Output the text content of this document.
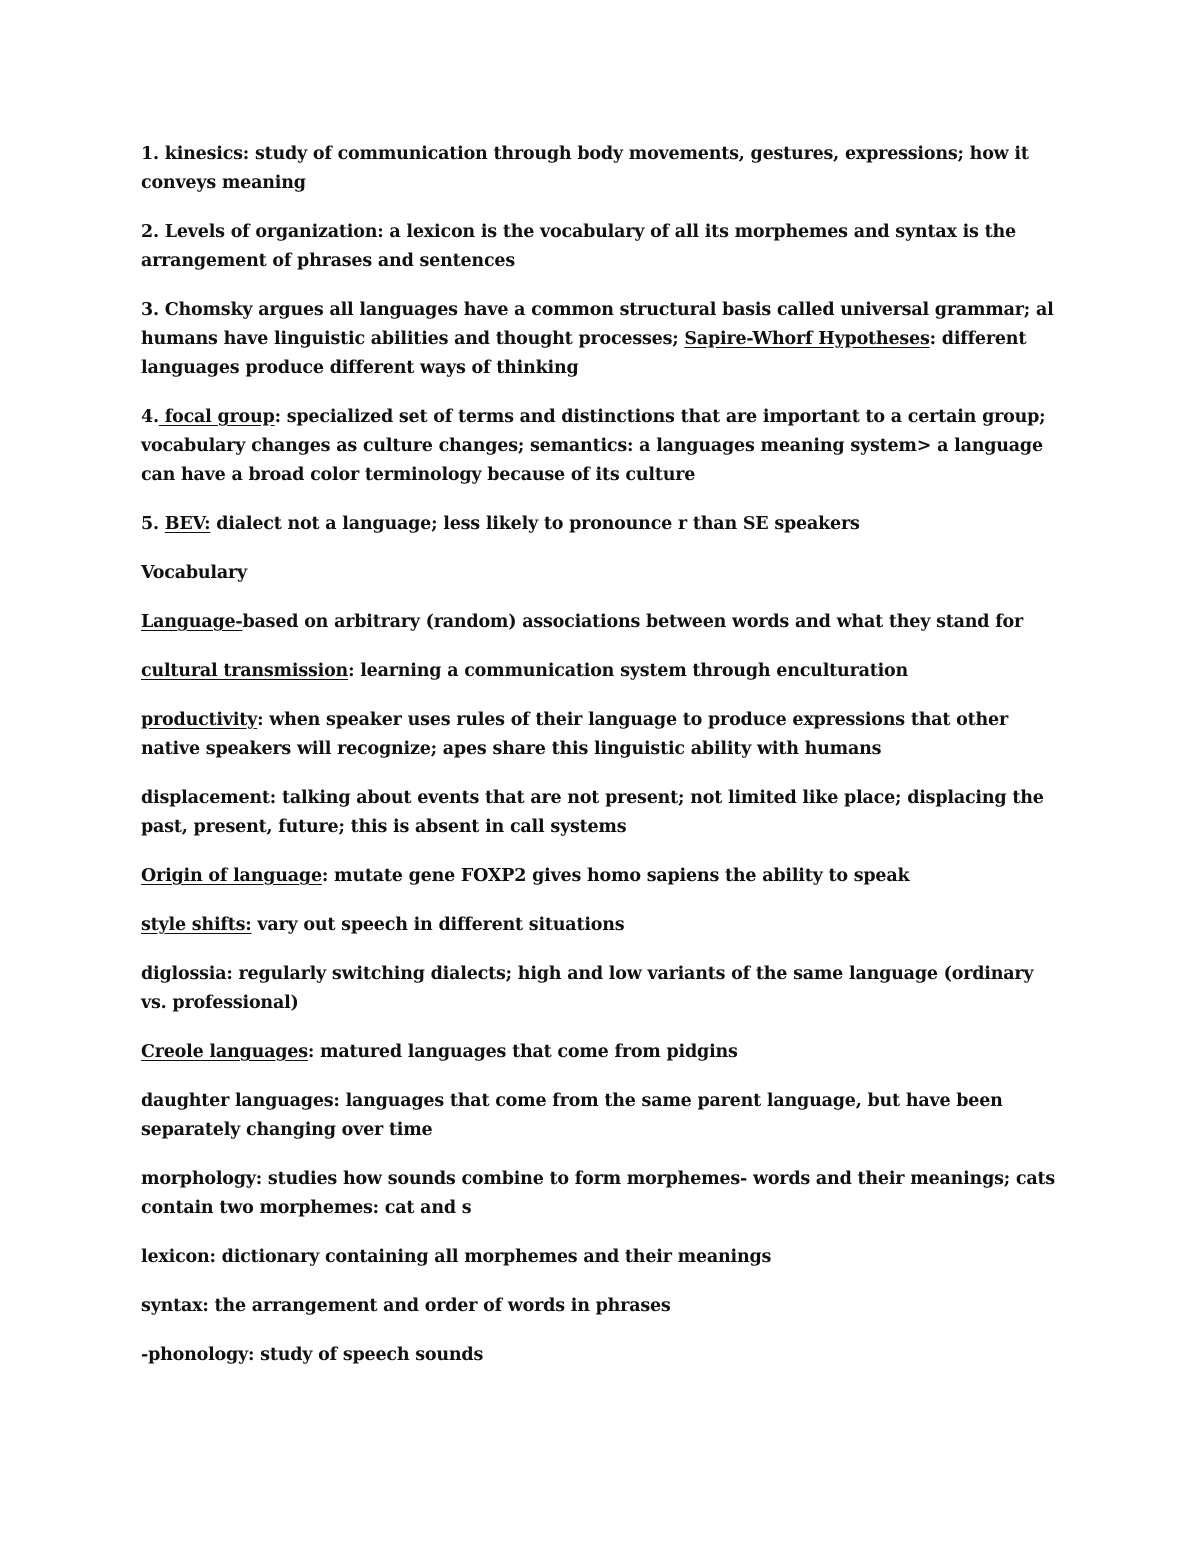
1. kinesics: study of communication through body movements, gestures, expressions; how it conveys meaning

2. Levels of organization: a lexicon is the vocabulary of all its morphemes and syntax is the arrangement of phrases and sentences

3. Chomsky argues all languages have a common structural basis called universal grammar; al humans have linguistic abilities and thought processes; Sapire-Whorf Hypotheses: different languages produce different ways of thinking

4. focal group: specialized set of terms and distinctions that are important to a certain group; vocabulary changes as culture changes; semantics: a languages meaning system> a language can have a broad color terminology because of its culture

5. BEV: dialect not a language; less likely to pronounce r than SE speakers

Vocabulary

Language-based on arbitrary (random) associations between words and what they stand for

cultural transmission: learning a communication system through enculturation

productivity: when speaker uses rules of their language to produce expressions that other native speakers will recognize; apes share this linguistic ability with humans

displacement: talking about events that are not present; not limited like place; displacing the past, present, future; this is absent in call systems

Origin of language: mutate gene FOXP2 gives homo sapiens the ability to speak

style shifts: vary out speech in different situations

diglossia: regularly switching dialects; high and low variants of the same language (ordinary vs. professional)

Creole languages: matured languages that come from pidgins

daughter languages: languages that come from the same parent language, but have been separately changing over time

morphology: studies how sounds combine to form morphemes- words and their meanings; cats contain two morphemes: cat and s

lexicon: dictionary containing all morphemes and their meanings

syntax: the arrangement and order of words in phrases

-phonology: study of speech sounds
